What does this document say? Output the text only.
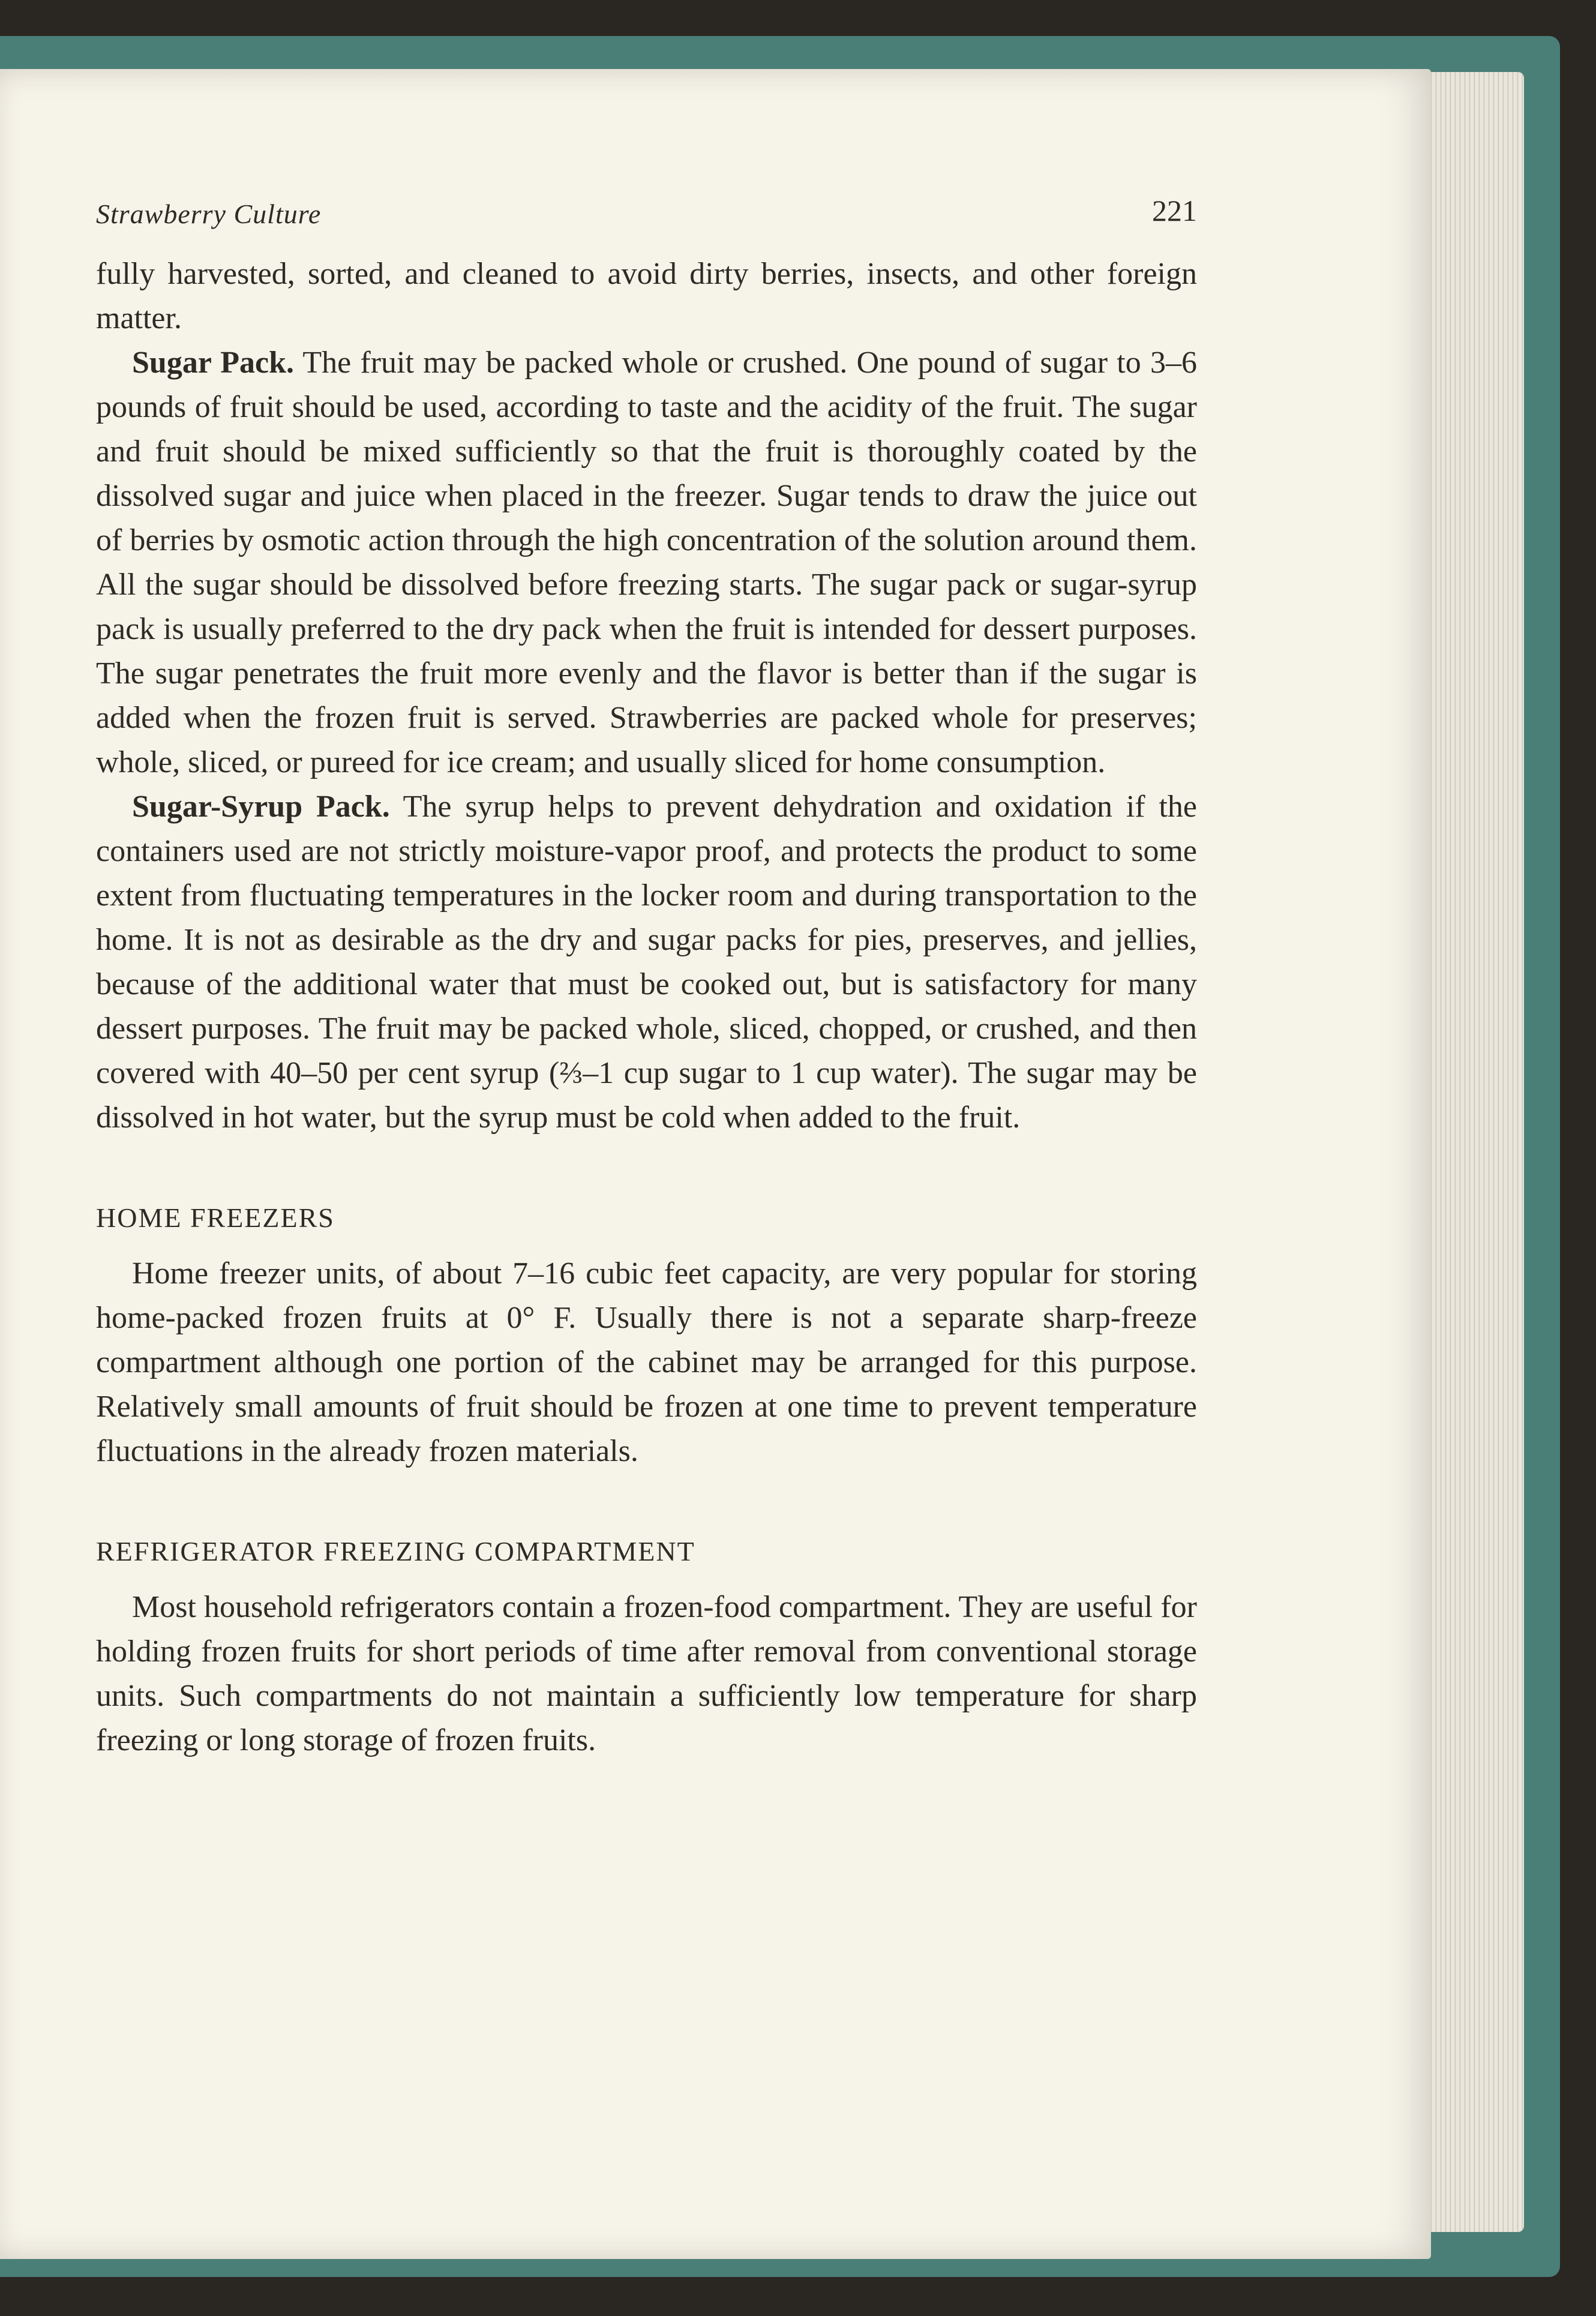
Strawberry Culture	221

fully harvested, sorted, and cleaned to avoid dirty berries, insects, and other foreign matter.

Sugar Pack. The fruit may be packed whole or crushed. One pound of sugar to 3–6 pounds of fruit should be used, according to taste and the acidity of the fruit. The sugar and fruit should be mixed sufficiently so that the fruit is thoroughly coated by the dissolved sugar and juice when placed in the freezer. Sugar tends to draw the juice out of berries by osmotic action through the high concentration of the solution around them. All the sugar should be dissolved before freezing starts. The sugar pack or sugar-syrup pack is usually preferred to the dry pack when the fruit is intended for dessert purposes. The sugar penetrates the fruit more evenly and the flavor is better than if the sugar is added when the frozen fruit is served. Strawberries are packed whole for preserves; whole, sliced, or pureed for ice cream; and usually sliced for home consumption.

Sugar-Syrup Pack. The syrup helps to prevent dehydration and oxidation if the containers used are not strictly moisture-vapor proof, and protects the product to some extent from fluctuating temperatures in the locker room and during transportation to the home. It is not as desirable as the dry and sugar packs for pies, preserves, and jellies, because of the additional water that must be cooked out, but is satisfactory for many dessert purposes. The fruit may be packed whole, sliced, chopped, or crushed, and then covered with 40–50 per cent syrup (⅔–1 cup sugar to 1 cup water). The sugar may be dissolved in hot water, but the syrup must be cold when added to the fruit.

HOME FREEZERS

Home freezer units, of about 7–16 cubic feet capacity, are very popular for storing home-packed frozen fruits at 0° F. Usually there is not a separate sharp-freeze compartment although one portion of the cabinet may be arranged for this purpose. Relatively small amounts of fruit should be frozen at one time to prevent temperature fluctuations in the already frozen materials.

REFRIGERATOR FREEZING COMPARTMENT

Most household refrigerators contain a frozen-food compartment. They are useful for holding frozen fruits for short periods of time after removal from conventional storage units. Such compartments do not maintain a sufficiently low temperature for sharp freezing or long storage of frozen fruits.
